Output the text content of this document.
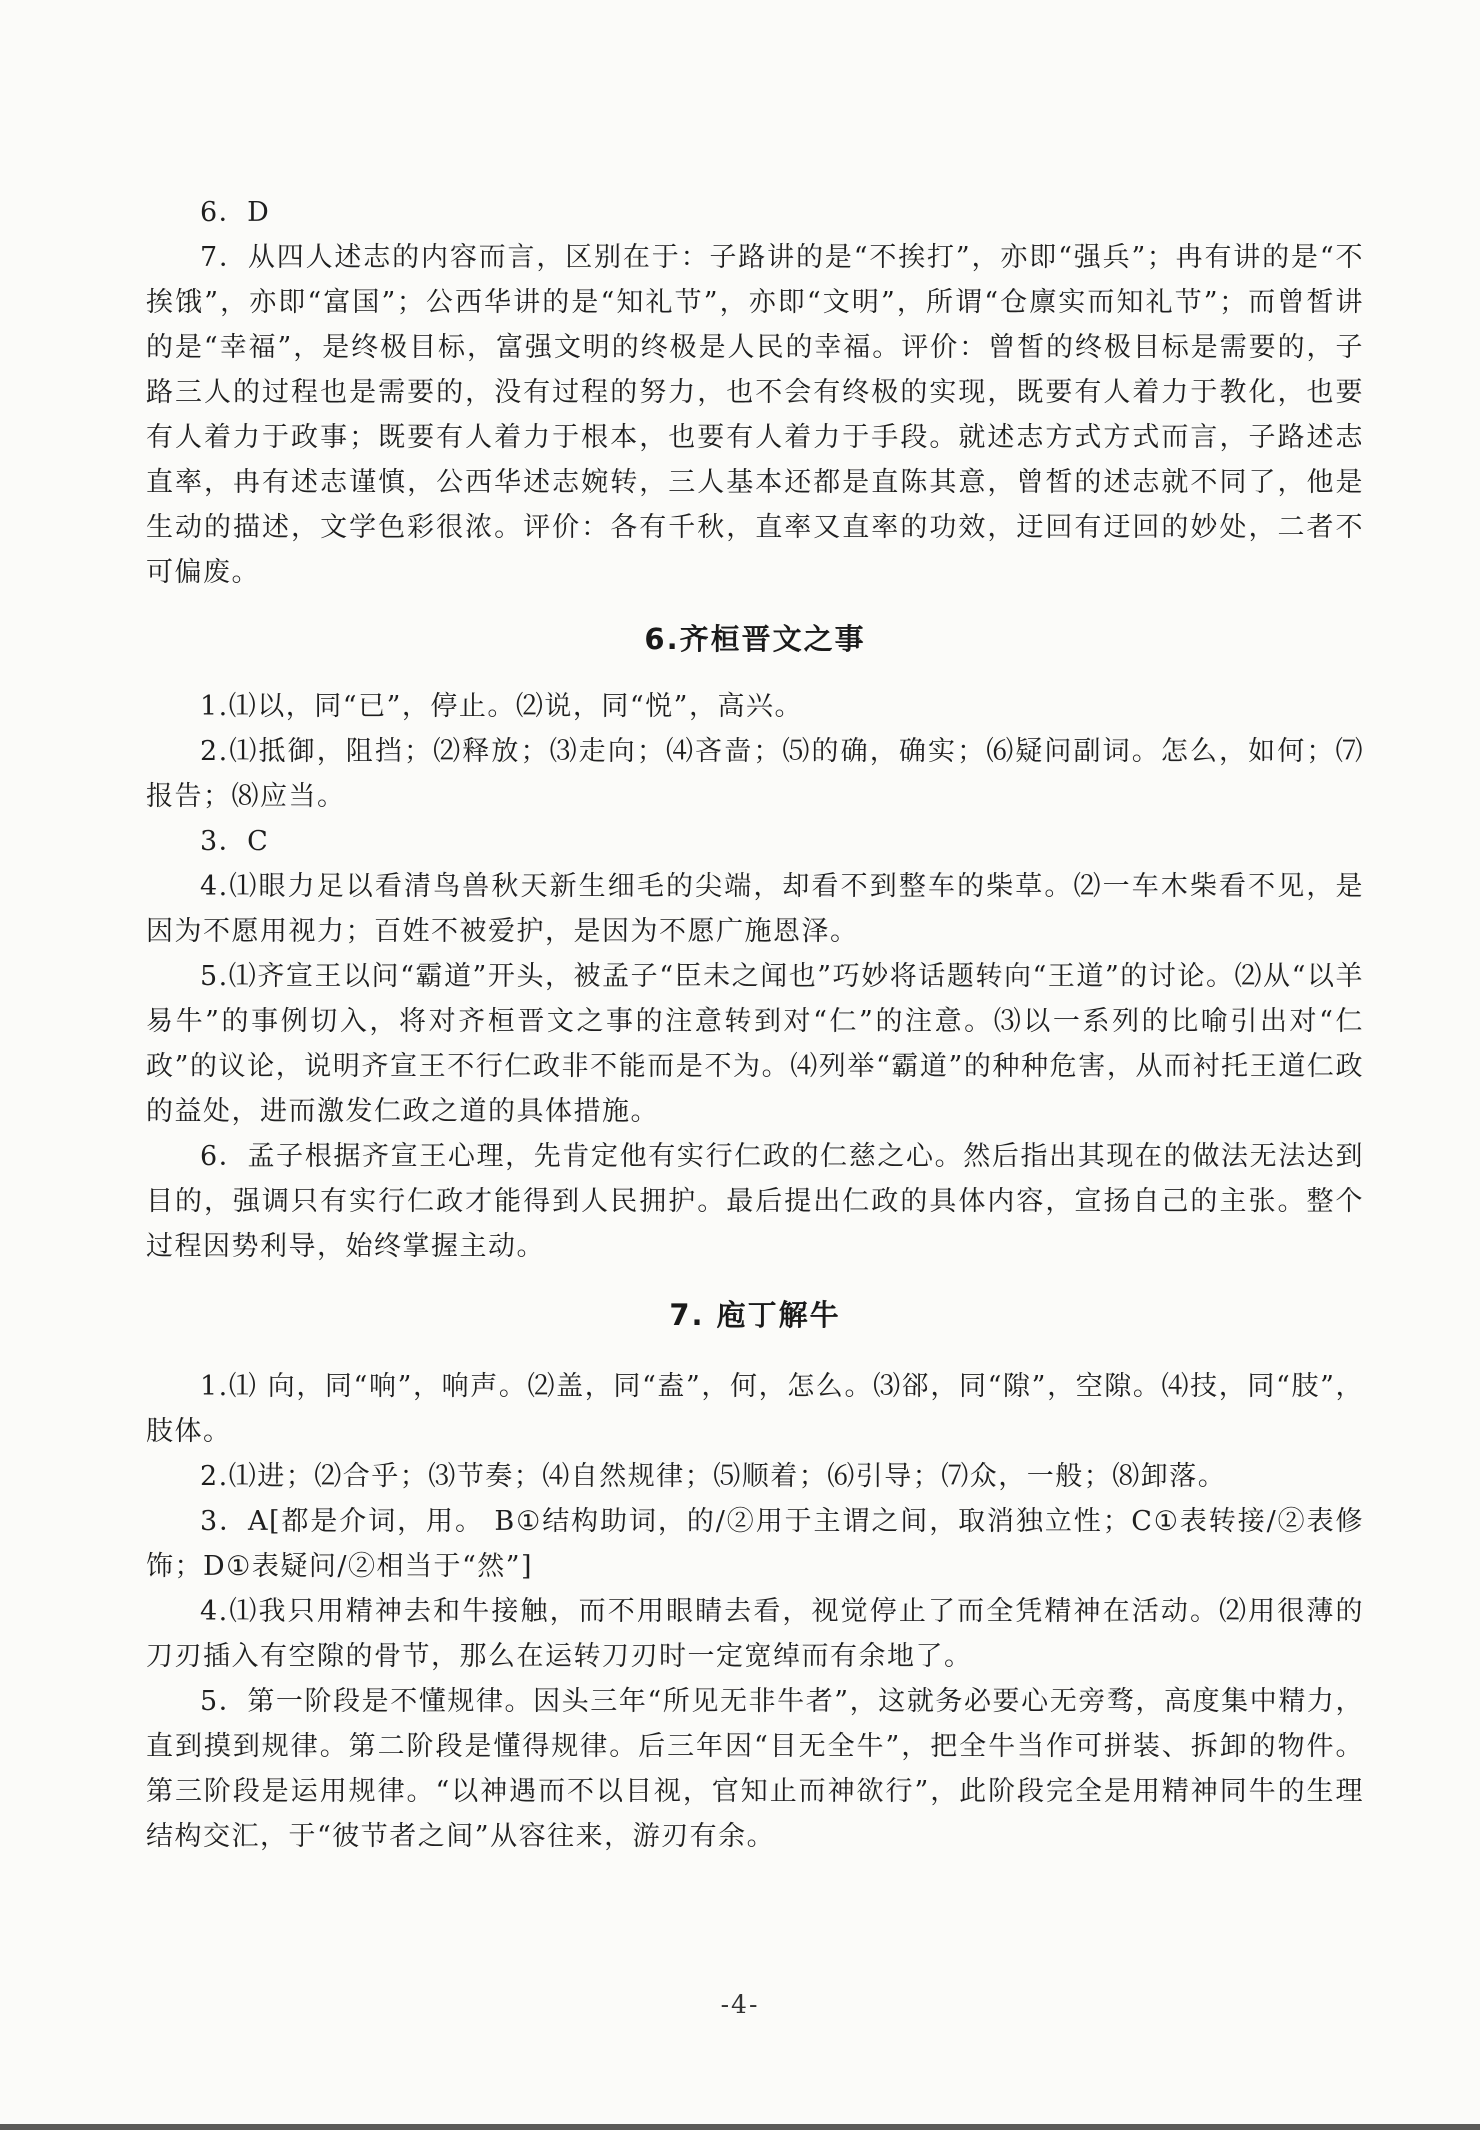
6．D

7．从四人述志的内容而言，区别在于：子路讲的是“不挨打”，亦即“强兵”；冉有讲的是“不挨饿”，亦即“富国”；公西华讲的是“知礼节”，亦即“文明”，所谓“仓廪实而知礼节”；而曾皙讲的是“幸福”，是终极目标，富强文明的终极是人民的幸福。评价：曾皙的终极目标是需要的，子路三人的过程也是需要的，没有过程的努力，也不会有终极的实现，既要有人着力于教化，也要有人着力于政事；既要有人着力于根本，也要有人着力于手段。就述志方式方式而言，子路述志直率，冉有述志谨慎，公西华述志婉转，三人基本还都是直陈其意，曾皙的述志就不同了，他是生动的描述，文学色彩很浓。评价：各有千秋，直率又直率的功效，迂回有迂回的妙处，二者不可偏废。

6.齐桓晋文之事

1.⑴以，同“已”，停止。⑵说，同“悦”，高兴。

2.⑴抵御，阻挡；⑵释放；⑶走向；⑷吝啬；⑸的确，确实；⑹疑问副词。怎么，如何；⑺报告；⑻应当。

3．C

4.⑴眼力足以看清鸟兽秋天新生细毛的尖端，却看不到整车的柴草。⑵一车木柴看不见，是因为不愿用视力；百姓不被爱护，是因为不愿广施恩泽。

5.⑴齐宣王以问“霸道”开头，被孟子“臣未之闻也”巧妙将话题转向“王道”的讨论。⑵从“以羊易牛”的事例切入，将对齐桓晋文之事的注意转到对“仁”的注意。⑶以一系列的比喻引出对“仁政”的议论，说明齐宣王不行仁政非不能而是不为。⑷列举“霸道”的种种危害，从而衬托王道仁政的益处，进而激发仁政之道的具体措施。

6．孟子根据齐宣王心理，先肯定他有实行仁政的仁慈之心。然后指出其现在的做法无法达到目的，强调只有实行仁政才能得到人民拥护。最后提出仁政的具体内容，宣扬自己的主张。整个过程因势利导，始终掌握主动。

7. 庖丁解牛

1.⑴ 向，同“响”，响声。⑵盖，同“盍”，何，怎么。⑶郤，同“隙”，空隙。⑷技，同“肢”，肢体。

2.⑴进；⑵合乎；⑶节奏；⑷自然规律；⑸顺着；⑹引导；⑺众，一般；⑻卸落。

3．A[都是介词，用。 B①结构助词，的/②用于主谓之间，取消独立性；C①表转接/②表修饰；D①表疑问/②相当于“然”]

4.⑴我只用精神去和牛接触，而不用眼睛去看，视觉停止了而全凭精神在活动。⑵用很薄的刀刃插入有空隙的骨节，那么在运转刀刃时一定宽绰而有余地了。

5．第一阶段是不懂规律。因头三年“所见无非牛者”，这就务必要心无旁骛，高度集中精力，直到摸到规律。第二阶段是懂得规律。后三年因“目无全牛”，把全牛当作可拼装、拆卸的物件。第三阶段是运用规律。“以神遇而不以目视，官知止而神欲行”，此阶段完全是用精神同牛的生理结构交汇，于“彼节者之间”从容往来，游刃有余。

-4-
